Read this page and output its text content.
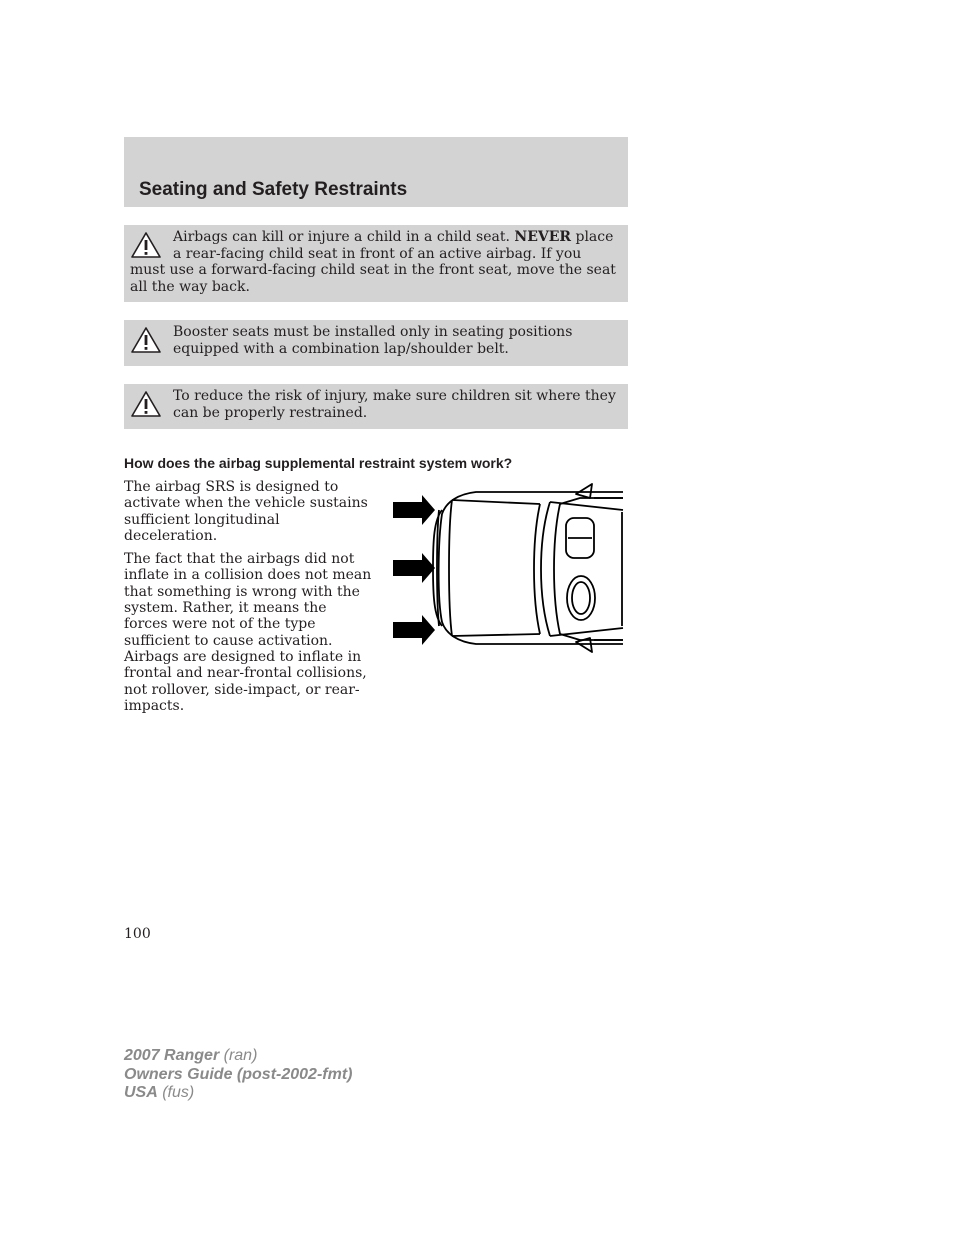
Seating and Safety Restraints
Airbags can kill or injure a child in a child seat. NEVER place a rear-facing child seat in front of an active airbag. If you must use a forward-facing child seat in the front seat, move the seat all the way back.
Booster seats must be installed only in seating positions equipped with a combination lap/shoulder belt.
To reduce the risk of injury, make sure children sit where they can be properly restrained.
How does the airbag supplemental restraint system work?

The airbag SRS is designed to activate when the vehicle sustains sufficient longitudinal deceleration.

The fact that the airbags did not inflate in a collision does not mean that something is wrong with the system. Rather, it means the forces were not of the type sufficient to cause activation. Airbags are designed to inflate in frontal and near-frontal collisions, not rollover, side-impact, or rear-impacts.

100
2007 Ranger (ran)
Owners Guide (post-2002-fmt)
USA (fus)
